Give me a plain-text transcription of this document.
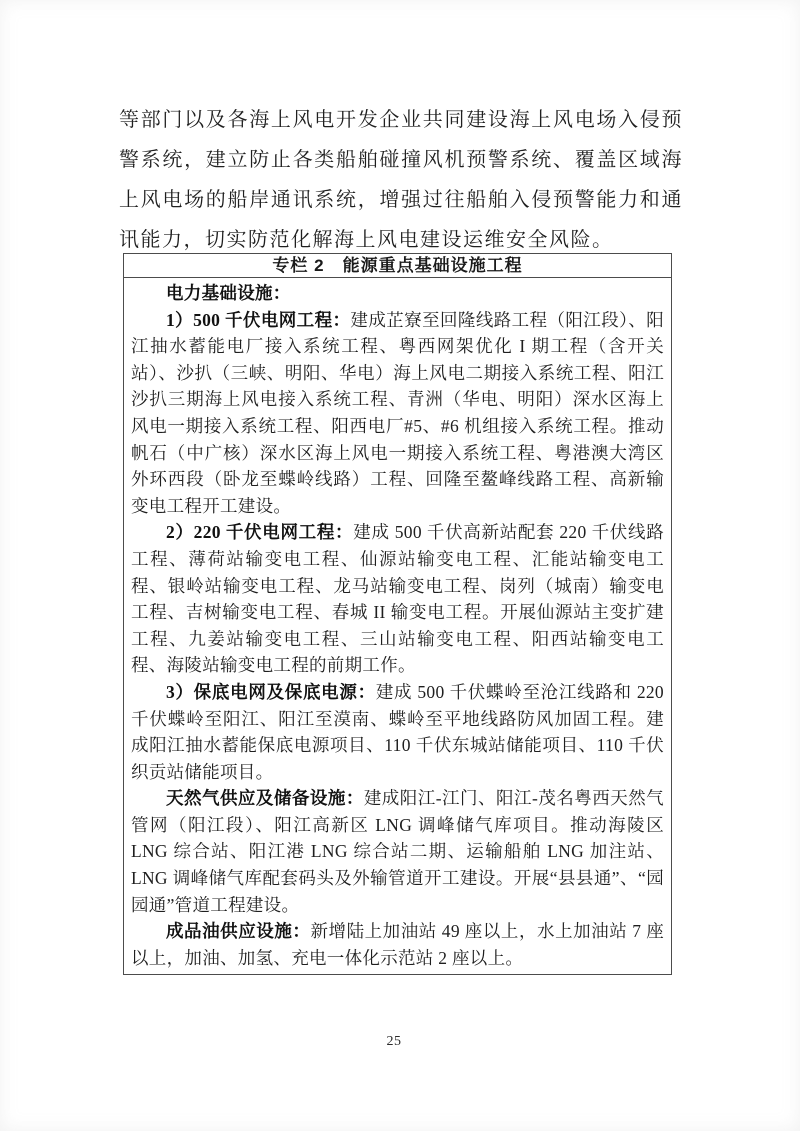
等部门以及各海上风电开发企业共同建设海上风电场入侵预警系统，建立防止各类船舶碰撞风机预警系统、覆盖区域海上风电场的船岸通讯系统，增强过往船舶入侵预警能力和通讯能力，切实防范化解海上风电建设运维安全风险。
专栏 2　能源重点基础设施工程

电力基础设施：

1）500 千伏电网工程：建成芷寮至回隆线路工程（阳江段）、阳江抽水蓄能电厂接入系统工程、粤西网架优化 I 期工程（含开关站）、沙扒（三峡、明阳、华电）海上风电二期接入系统工程、阳江沙扒三期海上风电接入系统工程、青洲（华电、明阳）深水区海上风电一期接入系统工程、阳西电厂#5、#6 机组接入系统工程。推动帆石（中广核）深水区海上风电一期接入系统工程、粤港澳大湾区外环西段（卧龙至蝶岭线路）工程、回隆至鳌峰线路工程、高新输变电工程开工建设。

2）220 千伏电网工程：建成 500 千伏高新站配套 220 千伏线路工程、薄荷站输变电工程、仙源站输变电工程、汇能站输变电工程、银岭站输变电工程、龙马站输变电工程、岗列（城南）输变电工程、吉树输变电工程、春城 II 输变电工程。开展仙源站主变扩建工程、九姜站输变电工程、三山站输变电工程、阳西站输变电工程、海陵站输变电工程的前期工作。

3）保底电网及保底电源：建成 500 千伏蝶岭至沧江线路和 220 千伏蝶岭至阳江、阳江至漠南、蝶岭至平地线路防风加固工程。建成阳江抽水蓄能保底电源项目、110 千伏东城站储能项目、110 千伏织贡站储能项目。

天然气供应及储备设施：建成阳江-江门、阳江-茂名粤西天然气管网（阳江段）、阳江高新区 LNG 调峰储气库项目。推动海陵区 LNG 综合站、阳江港 LNG 综合站二期、运输船舶 LNG 加注站、LNG 调峰储气库配套码头及外输管道开工建设。开展“县县通”、“园园通”管道工程建设。

成品油供应设施：新增陆上加油站 49 座以上，水上加油站 7 座以上，加油、加氢、充电一体化示范站 2 座以上。

25
